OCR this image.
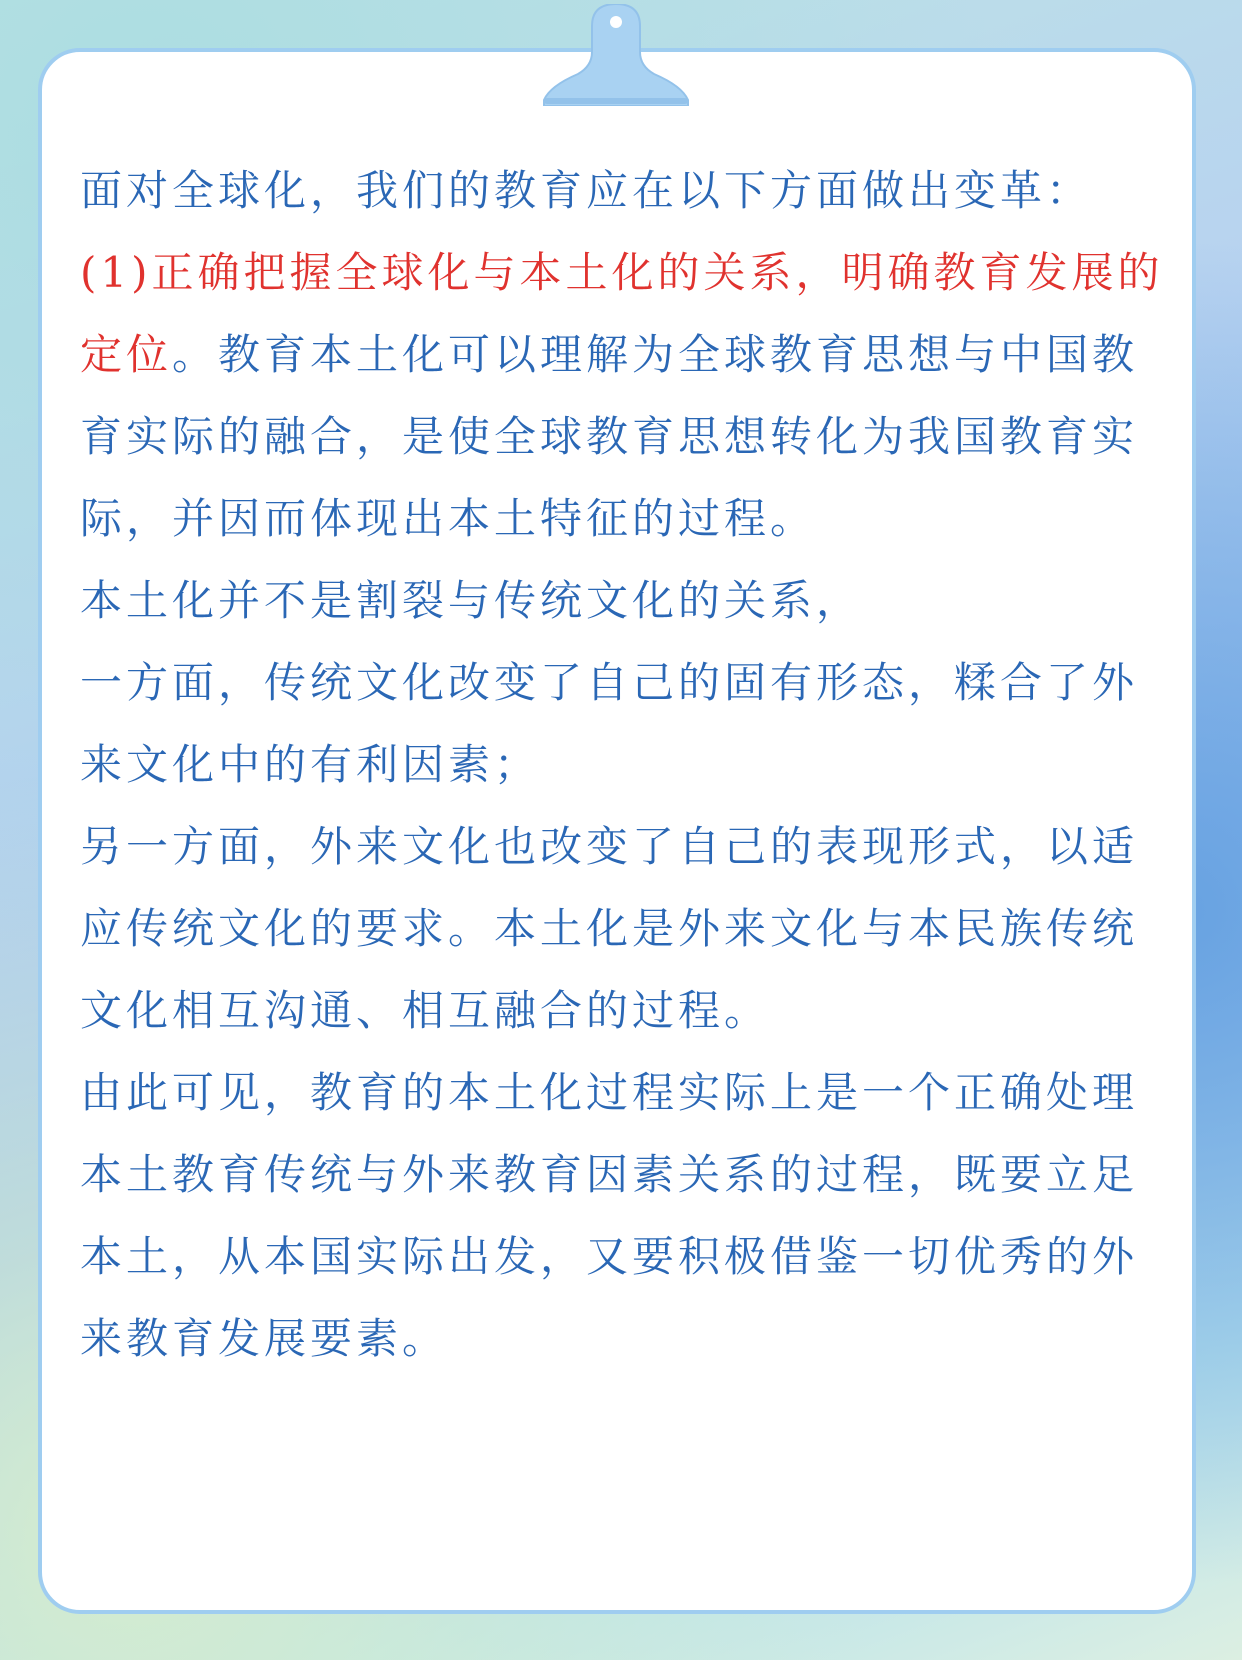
面对全球化，我们的教育应在以下方面做出变革：

(1)正确把握全球化与本土化的关系，明确教育发展的定位。教育本土化可以理解为全球教育思想与中国教育实际的融合，是使全球教育思想转化为我国教育实际，并因而体现出本土特征的过程。

本土化并不是割裂与传统文化的关系，

一方面，传统文化改变了自己的固有形态，糅合了外来文化中的有利因素；

另一方面，外来文化也改变了自己的表现形式，以适应传统文化的要求。本土化是外来文化与本民族传统文化相互沟通、相互融合的过程。

由此可见，教育的本土化过程实际上是一个正确处理本土教育传统与外来教育因素关系的过程，既要立足本土，从本国实际出发，又要积极借鉴一切优秀的外来教育发展要素。
